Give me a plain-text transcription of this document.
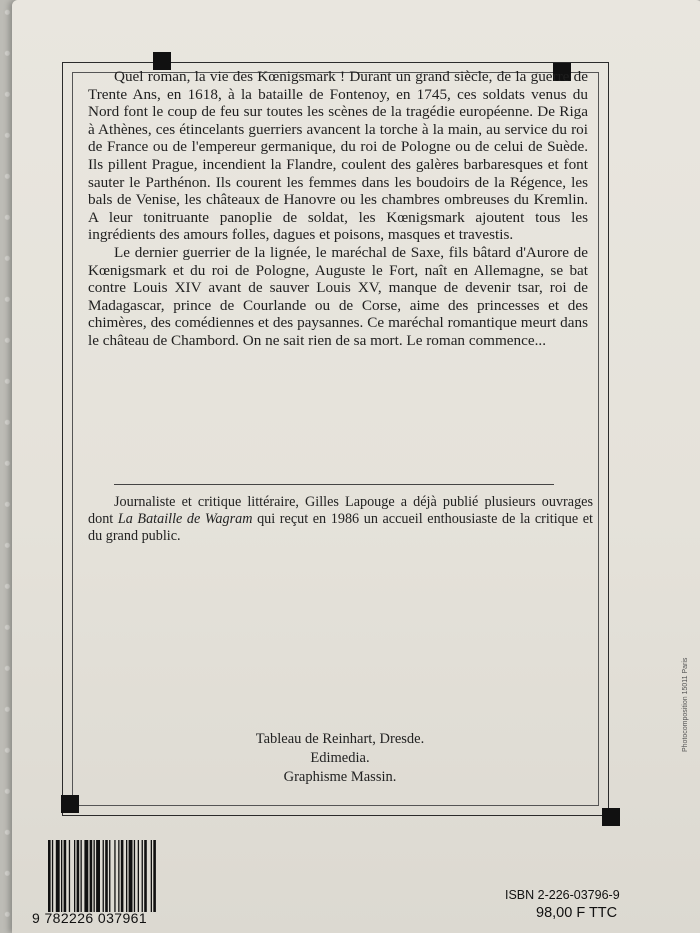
Quel roman, la vie des Kœnigsmark ! Durant un grand siècle, de la guerre de Trente Ans, en 1618, à la bataille de Fontenoy, en 1745, ces soldats venus du Nord font le coup de feu sur toutes les scènes de la tragédie européenne. De Riga à Athènes, ces étincelants guerriers avancent la torche à la main, au service du roi de France ou de l'empereur germanique, du roi de Pologne ou de celui de Suède. Ils pillent Prague, incendient la Flandre, coulent des galères barbaresques et font sauter le Parthénon. Ils courent les femmes dans les boudoirs de la Régence, les bals de Venise, les châteaux de Hanovre ou les chambres ombreuses du Kremlin. A leur tonitruante panoplie de soldat, les Kœnigsmark ajoutent tous les ingrédients des amours folles, dagues et poisons, masques et travestis.

Le dernier guerrier de la lignée, le maréchal de Saxe, fils bâtard d'Aurore de Kœnigsmark et du roi de Pologne, Auguste le Fort, naît en Allemagne, se bat contre Louis XIV avant de sauver Louis XV, manque de devenir tsar, roi de Madagascar, prince de Courlande ou de Corse, aime des princesses et des chimères, des comédiennes et des paysannes. Ce maréchal romantique meurt dans le château de Chambord. On ne sait rien de sa mort. Le roman commence...

Journaliste et critique littéraire, Gilles Lapouge a déjà publié plusieurs ouvrages dont La Bataille de Wagram qui reçut en 1986 un accueil enthousiaste de la critique et du grand public.

Tableau de Reinhart, Dresde.
Edimedia.
Graphisme Massin.
Photocomposition 15011 Paris
9 782226 037961
ISBN 2-226-03796-9
98,00 F TTC
